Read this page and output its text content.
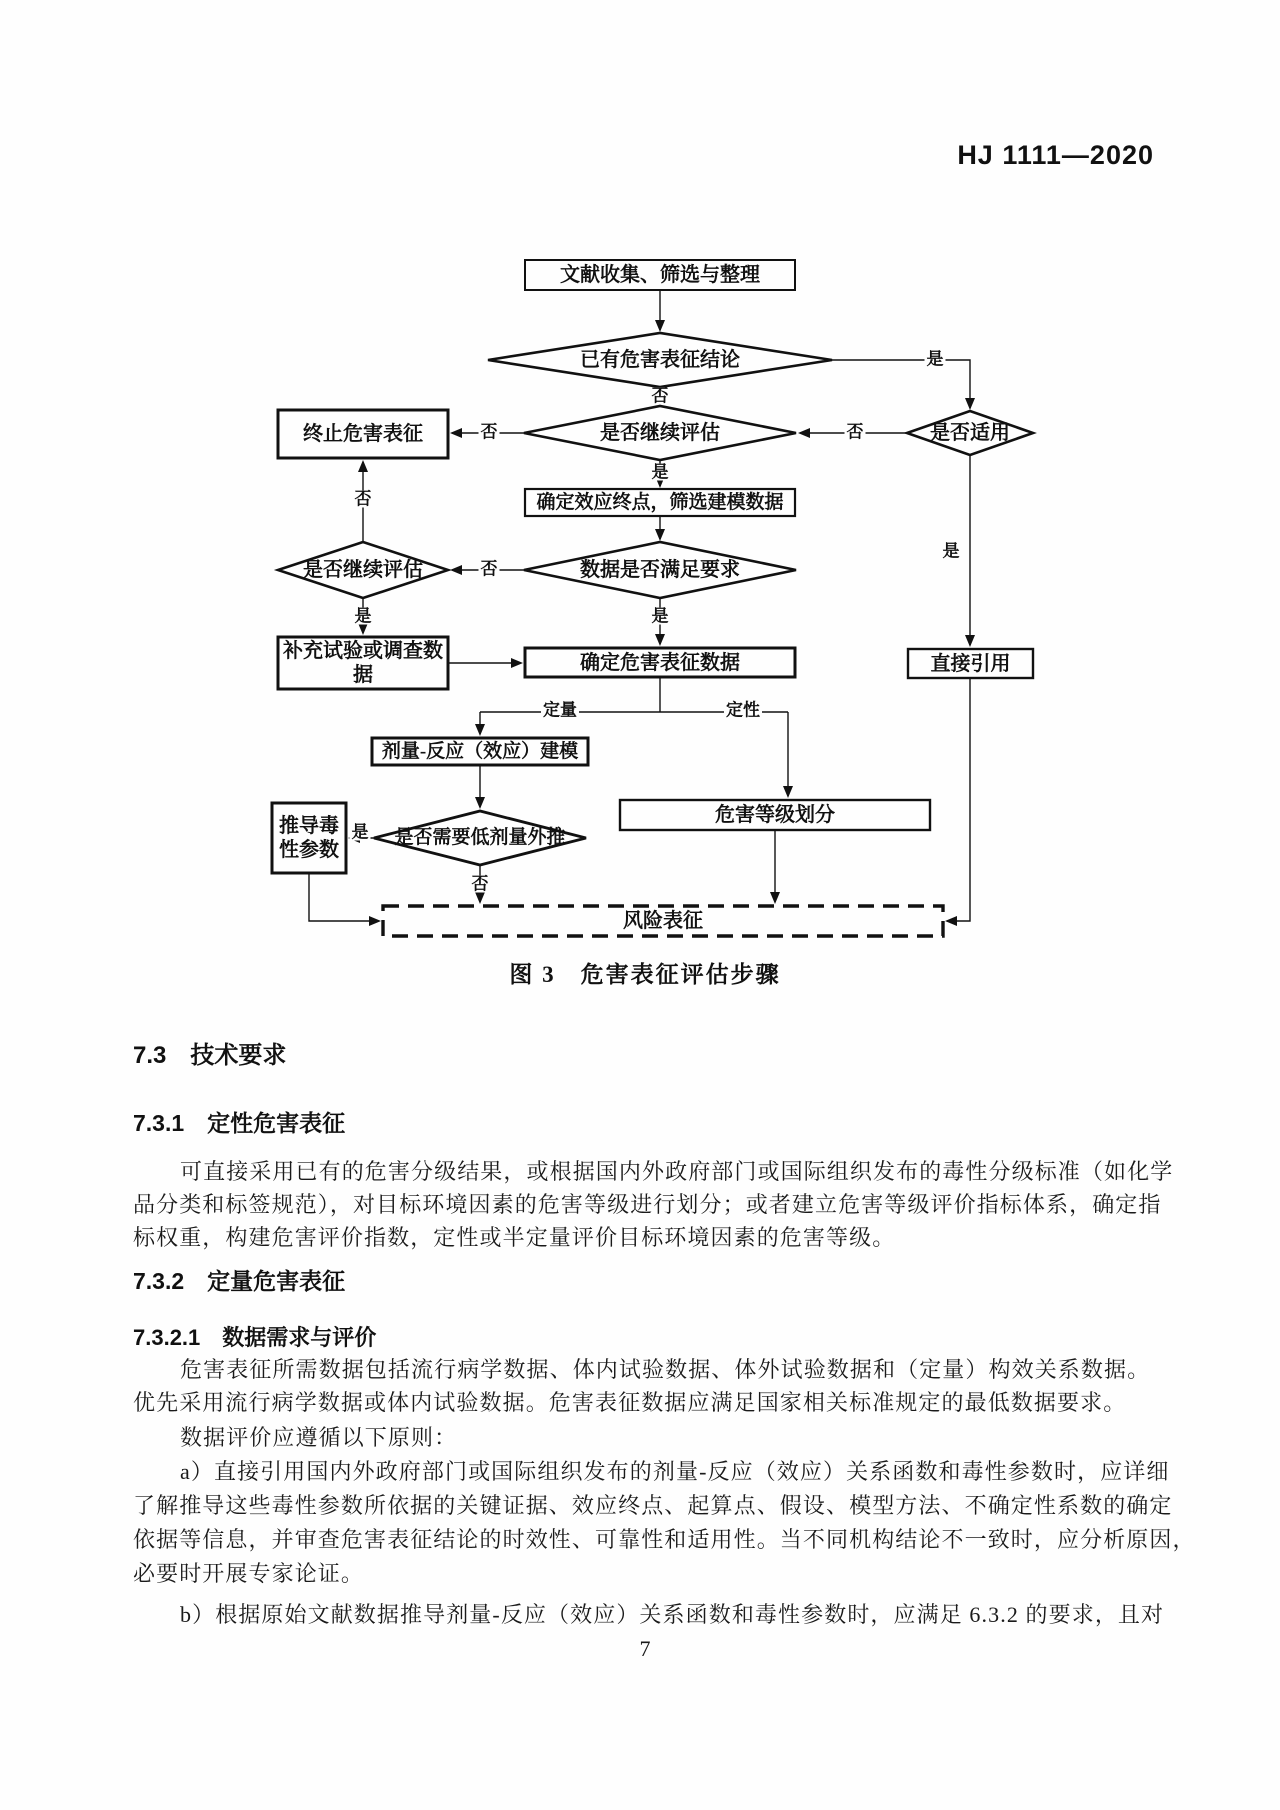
HJ 1111—2020
文献收集、筛选与整理
已有危害表征结论
是否继续评估	是否适用
终止危害表征
确定效应终点，筛选建模数据
数据是否满足要求
是否继续评估
补充试验或调查数据
确定危害表征数据	直接引用
剂量-反应（效应）建模
是否需要低剂量外推
推导毒性参数
危害等级划分
风险表征
否
是
否
否
是
否
否
是	是
定量	定性
是
否
是
图 3　危害表征评估步骤
7.3　技术要求
7.3.1　定性危害表征
可直接采用已有的危害分级结果，或根据国内外政府部门或国际组织发布的毒性分级标准（如化学
品分类和标签规范），对目标环境因素的危害等级进行划分；或者建立危害等级评价指标体系，确定指
标权重，构建危害评价指数，定性或半定量评价目标环境因素的危害等级。
7.3.2　定量危害表征
7.3.2.1　数据需求与评价
危害表征所需数据包括流行病学数据、体内试验数据、体外试验数据和（定量）构效关系数据。
优先采用流行病学数据或体内试验数据。危害表征数据应满足国家相关标准规定的最低数据要求。
数据评价应遵循以下原则：
a）直接引用国内外政府部门或国际组织发布的剂量-反应（效应）关系函数和毒性参数时，应详细
了解推导这些毒性参数所依据的关键证据、效应终点、起算点、假设、模型方法、不确定性系数的确定
依据等信息，并审查危害表征结论的时效性、可靠性和适用性。当不同机构结论不一致时，应分析原因，
必要时开展专家论证。
b）根据原始文献数据推导剂量-反应（效应）关系函数和毒性参数时，应满足 6.3.2 的要求，且对
7
